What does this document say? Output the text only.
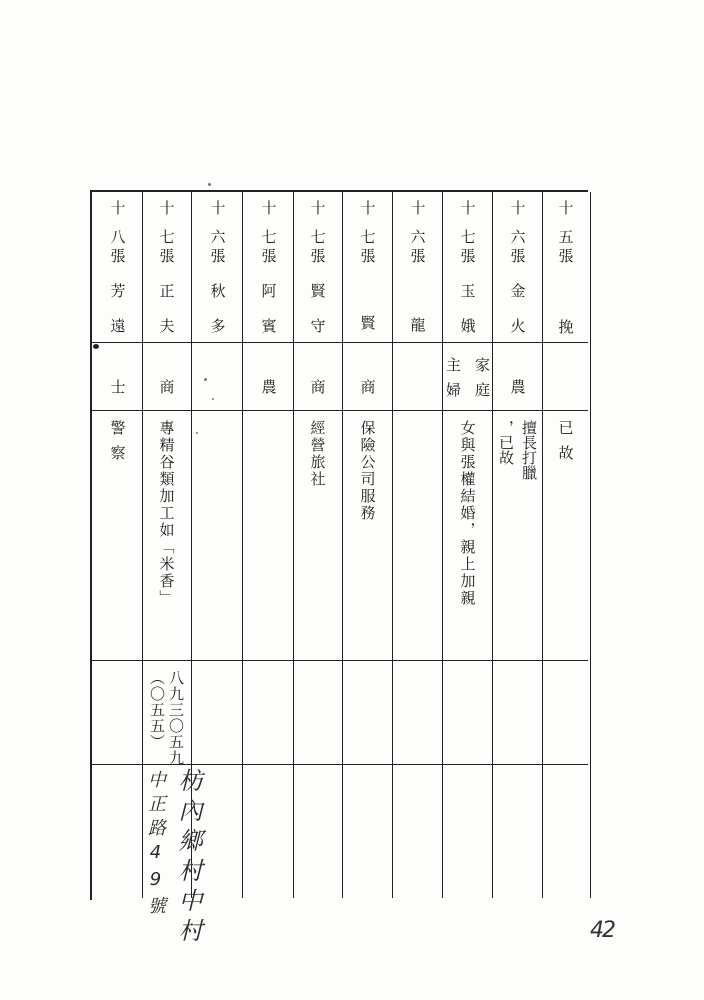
十八
張芳遠
士
警察
十七
張正夫
商
專精谷類加工如「米香」
（〇五五） 八九三〇五九
十六
張秋多
十七
張阿賓
農
十七
張賢守
商
經營旅社
十七
張賢
商
保險公司服務
十六
張龍
十七
張玉娥
主婦 家庭
女與張權結婚，親上加親
十六
張金火
農
，已故 擅長打臘
十五
張挽
已故
枋內鄉村中村
中正路49號
42
